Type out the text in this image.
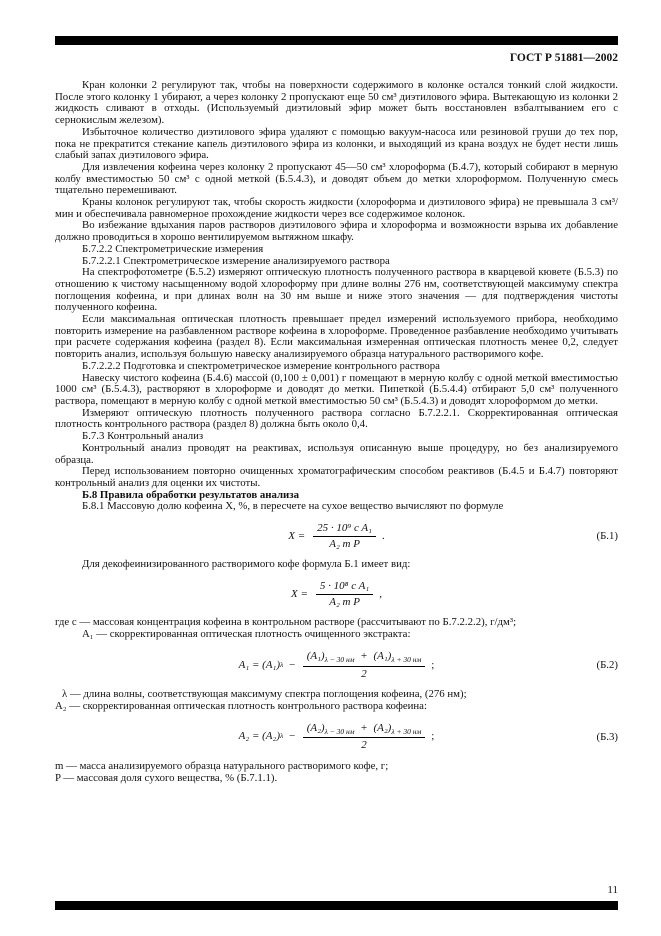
ГОСТ Р 51881—2002

Кран колонки 2 регулируют так, чтобы на поверхности содержимого в колонке остался тонкий слой жидкости. После этого колонку 1 убирают, а через колонку 2 пропускают еще 50 см³ диэтилового эфира. Вытекающую из колонки 2 жидкость сливают в отходы. (Используемый диэтиловый эфир может быть восстановлен взбалтыванием его с сернокислым железом).

Избыточное количество диэтилового эфира удаляют с помощью вакуум-насоса или резиновой груши до тех пор, пока не прекратится стекание капель диэтилового эфира из колонки, и выходящий из крана воздух не будет нести лишь слабый запах диэтилового эфира.

Для извлечения кофеина через колонку 2 пропускают 45—50 см³ хлороформа (Б.4.7), который собирают в мерную колбу вместимостью 50 см³ с одной меткой (Б.5.4.3), и доводят объем до метки хлороформом. Полученную смесь тщательно перемешивают.

Краны колонок регулируют так, чтобы скорость жидкости (хлороформа и диэтилового эфира) не превышала 3 см³/мин и обеспечивала равномерное прохождение жидкости через все содержимое колонок.

Во избежание вдыхания паров растворов диэтилового эфира и хлороформа и возможности взрыва их добавление должно проводиться в хорошо вентилируемом вытяжном шкафу.

Б.7.2.2 Спектрометрические измерения

Б.7.2.2.1 Спектрометрическое измерение анализируемого раствора

На спектрофотометре (Б.5.2) измеряют оптическую плотность полученного раствора в кварцевой кювете (Б.5.3) по отношению к чистому насыщенному водой хлороформу при длине волны 276 нм, соответствующей максимуму спектра поглощения кофеина, и при длинах волн на 30 нм выше и ниже этого значения — для подтверждения чистоты полученного кофеина.

Если максимальная оптическая плотность превышает предел измерений используемого прибора, необходимо повторить измерение на разбавленном растворе кофеина в хлороформе. Проведенное разбавление необходимо учитывать при расчете содержания кофеина (раздел 8). Если максимальная измеренная оптическая плотность менее 0,2, следует повторить анализ, используя большую навеску анализируемого образца натурального растворимого кофе.

Б.7.2.2.2 Подготовка и спектрометрическое измерение контрольного раствора

Навеску чистого кофеина (Б.4.6) массой (0,100 ± 0,001) г помещают в мерную колбу с одной меткой вместимостью 1000 см³ (Б.5.4.3), растворяют в хлороформе и доводят до метки. Пипеткой (Б.5.4.4) отбирают 5,0 см³ полученного раствора, помещают в мерную колбу с одной меткой вместимостью 50 см³ (Б.5.4.3) и доводят хлороформом до метки.

Измеряют оптическую плотность полученного раствора согласно Б.7.2.2.1. Скорректированная оптическая плотность контрольного раствора (раздел 8) должна быть около 0,4.

Б.7.3 Контрольный анализ

Контрольный анализ проводят на реактивах, используя описанную выше процедуру, но без анализируемого образца.

Перед использованием повторно очищенных хроматографическим способом реактивов (Б.4.5 и Б.4.7) повторяют контрольный анализ для оценки их чистоты.

Б.8 Правила обработки результатов анализа

Б.8.1 Массовую долю кофеина X, %, в пересчете на сухое вещество вычисляют по формуле

$X = \frac{\text{25 · 10⁹ c A₁}}{\text{A₂ m P}}$ .	(Б.1)

Для декофеинизированного растворимого кофе формула Б.1 имеет вид:

$X = \frac{\text{5 · 10⁸ c A₁}}{\text{A₂ m P}}$ ,

где c — массовая концентрация кофеина в контрольном растворе (рассчитывают по Б.7.2.2.2), г/дм³;

A₁ — скорректированная оптическая плотность очищенного экстракта:

A₁ = (A₁) $\lambda - \frac{(A_1)_{\lambda - 30 нм} + (A_1)_{\lambda + 30 нм}}{2}$ ;	(Б.2)

λ — длина волны, соответствующая максимуму спектра поглощения кофеина, (276 нм);

A₂ — скорректированная оптическая плотность контрольного раствора кофеина:

A₂ = (A₂) $\lambda - \frac{(A_2)_{\lambda - 30 нм} + (A_2)_{\lambda + 30 нм}}{2}$ ;	(Б.3)

m — масса анализируемого образца натурального растворимого кофе, г;

P — массовая доля сухого вещества, % (Б.7.1.1).

11
